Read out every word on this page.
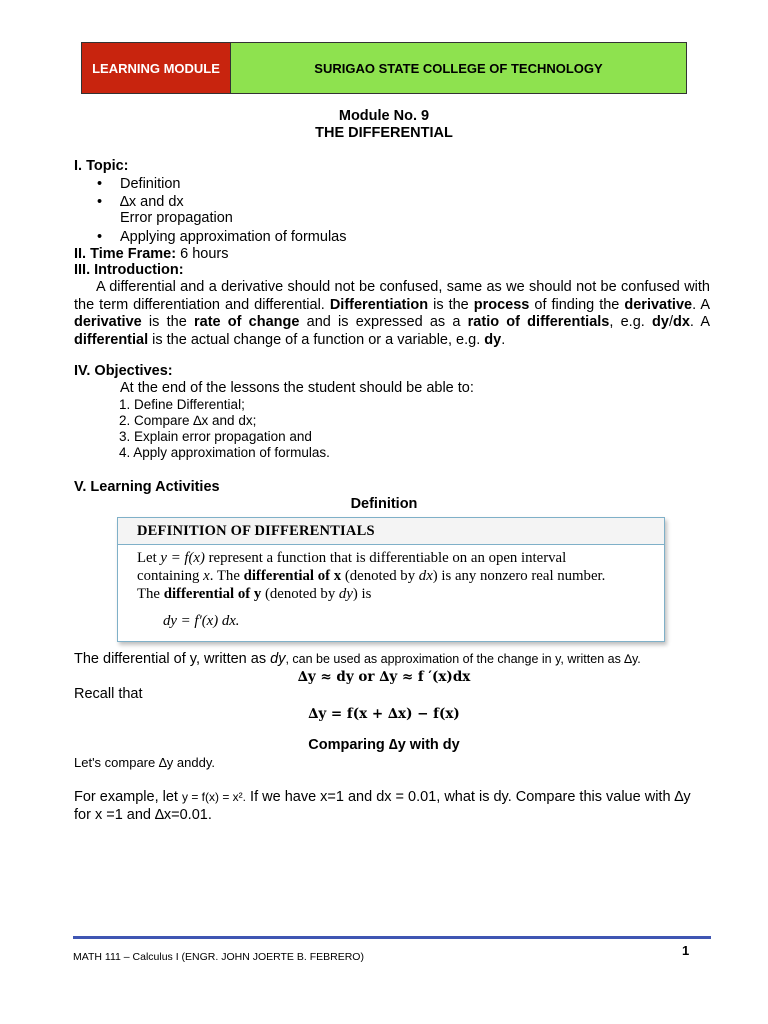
LEARNING MODULE	SURIGAO STATE COLLEGE OF TECHNOLOGY
Module No. 9
THE DIFFERENTIAL
I. Topic:
• Definition
• ∆x and dx
Error propagation
• Applying approximation of formulas
II. Time Frame: 6 hours
III. Introduction:
A differential and a derivative should not be confused, same as we should not be confused with the term differentiation and differential. Differentiation is the process of finding the derivative. A derivative is the rate of change and is expressed as a ratio of differentials, e.g. dy/dx. A differential is the actual change of a function or a variable, e.g. dy.
IV. Objectives:
At the end of the lessons the student should be able to:
1. Define Differential;
2. Compare ∆x and dx;
3. Explain error propagation and
4. Apply approximation of formulas.
V. Learning Activities
Definition
DEFINITION OF DIFFERENTIALS
Let y = f(x) represent a function that is differentiable on an open interval
containing x. The differential of x (denoted by dx) is any nonzero real number.
The differential of y (denoted by dy) is
dy = f′(x) dx.
The differential of y, written as dy, can be used as approximation of the change in y, written as ∆y.
∆y ≈ dy or ∆y ≈ f ′(x)dx
Recall that
∆y = f(x + ∆x) − f(x)
Comparing ∆y with dy
Let's compare ∆y anddy.
For example, let y = f(x) = x². If we have x=1 and dx = 0.01, what is dy. Compare this value with ∆y for x =1 and ∆x=0.01.
1
MATH 111 – Calculus I (ENGR. JOHN JOERTE B. FEBRERO)
